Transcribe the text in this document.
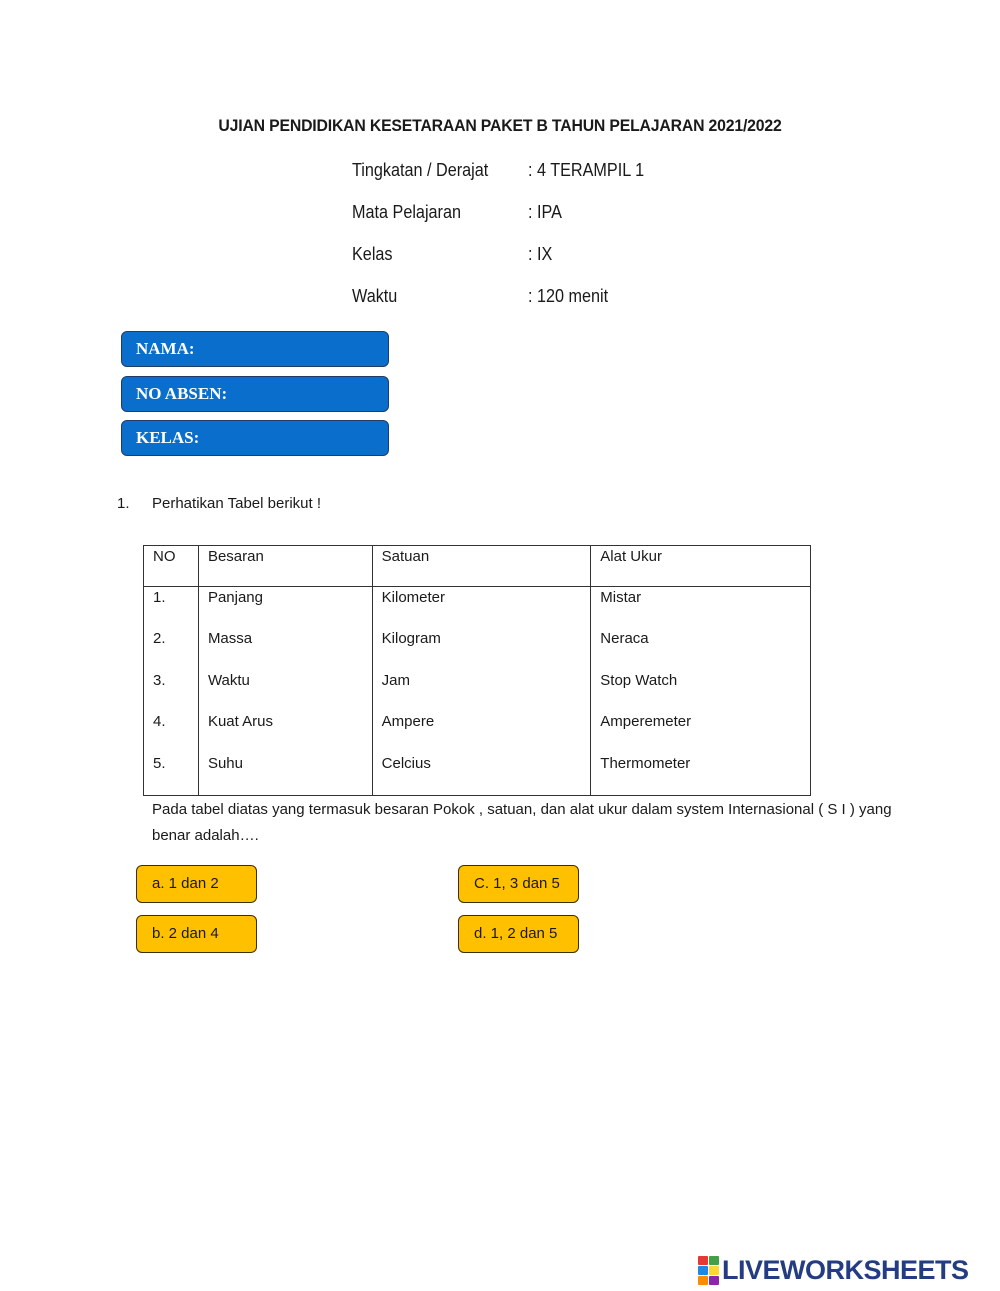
UJIAN PENDIDIKAN KESETARAAN PAKET B TAHUN PELAJARAN 2021/2022
Tingkatan / Derajat : 4 TERAMPIL 1
Mata Pelajaran	: IPA
Kelas	: IX
Waktu	: 120 menit
NAMA:
NO ABSEN:
KELAS:
1. Perhatikan Tabel berikut !
NO	Besaran	Satuan	Alat Ukur
1.	Panjang	Kilometer	Mistar
2.	Massa	Kilogram	Neraca
3.	Waktu	Jam	Stop Watch
4.	Kuat Arus	Ampere	Amperemeter
5.	Suhu	Celcius	Thermometer
Pada tabel diatas yang termasuk besaran Pokok , satuan, dan alat ukur dalam system Internasional ( S I ) yang benar adalah….
a. 1 dan 2
b. 2 dan 4
C. 1, 3 dan 5
d. 1, 2 dan 5
LIVEWORKSHEETS
